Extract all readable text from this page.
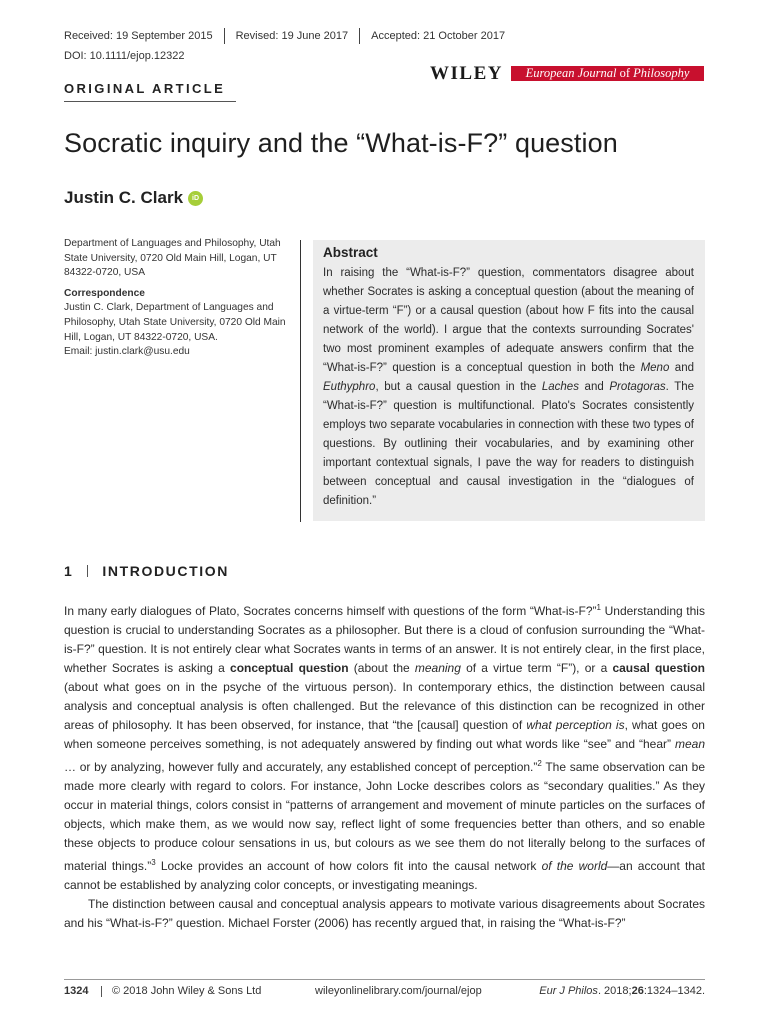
Received: 19 September 2015 Revised: 19 June 2017 Accepted: 21 October 2017
DOI: 10.1111/ejop.12322
WILEY	European Journal of Philosophy
ORIGINAL ARTICLE
Socratic inquiry and the “What-is-F?” question
Justin C. Clark	iD

Department of Languages and Philosophy, Utah State University, 0720 Old Main Hill, Logan, UT 84322-0720, USA

Correspondence

Justin C. Clark, Department of Languages and Philosophy, Utah State University, 0720 Old Main Hill, Logan, UT 84322-0720, USA.

Email: justin.clark@usu.edu

Abstract
In raising the “What-is-F?” question, commentators disagree about whether Socrates is asking a conceptual question (about the meaning of a virtue-term “F”) or a causal question (about how F fits into the causal network of the world). I argue that the contexts surrounding Socrates' two most prominent examples of adequate answers confirm that the “What-is-F?” question is a conceptual question in both the Meno and Euthyphro, but a causal question in the Laches and Protagoras. The “What-is-F?” question is multifunctional. Plato's Socrates consistently employs two separate vocabularies in connection with these two types of questions. By outlining their vocabularies, and by examining other important contextual signals, I pave the way for readers to distinguish between conceptual and causal investigation in the “dialogues of definition.”
1 INTRODUCTION

In many early dialogues of Plato, Socrates concerns himself with questions of the form “What-is-F?”$^1$ Understanding this question is crucial to understanding Socrates as a philosopher. But there is a cloud of confusion surrounding the “What-is-F?” question. It is not entirely clear what Socrates wants in terms of an answer. It is not entirely clear, in the first place, whether Socrates is asking a conceptual question (about the meaning of a virtue term “F”), or a causal question (about what goes on in the psyche of the virtuous person). In contemporary ethics, the distinction between causal analysis and conceptual analysis is often challenged. But the relevance of this distinction can be recognized in other areas of philosophy. It has been observed, for instance, that “the [causal] question of what perception is, what goes on when someone perceives something, is not adequately answered by finding out what words like “see” and “hear” mean … or by analyzing, however fully and accurately, any established concept of perception.”$^2$ The same observation can be made more clearly with regard to colors. For instance, John Locke describes colors as “secondary qualities.” As they occur in material things, colors consist in “patterns of arrangement and movement of minute particles on the surfaces of objects, which make them, as we would now say, reflect light of some frequencies better than others, and so enable these objects to produce colour sensations in us, but colours as we see them do not literally belong to the surfaces of material things.”$^3$ Locke provides an account of how colors fit into the causal network of the world—an account that cannot be established by analyzing color concepts, or investigating meanings.

The distinction between causal and conceptual analysis appears to motivate various disagreements about Socrates and his “What-is-F?” question. Michael Forster (2006) has recently argued that, in raising the “What-is-F?”

1324 © 2018 John Wiley & Sons Ltd	wileyonlinelibrary.com/journal/ejop	Eur J Philos. 2018;26:1324–1342.
